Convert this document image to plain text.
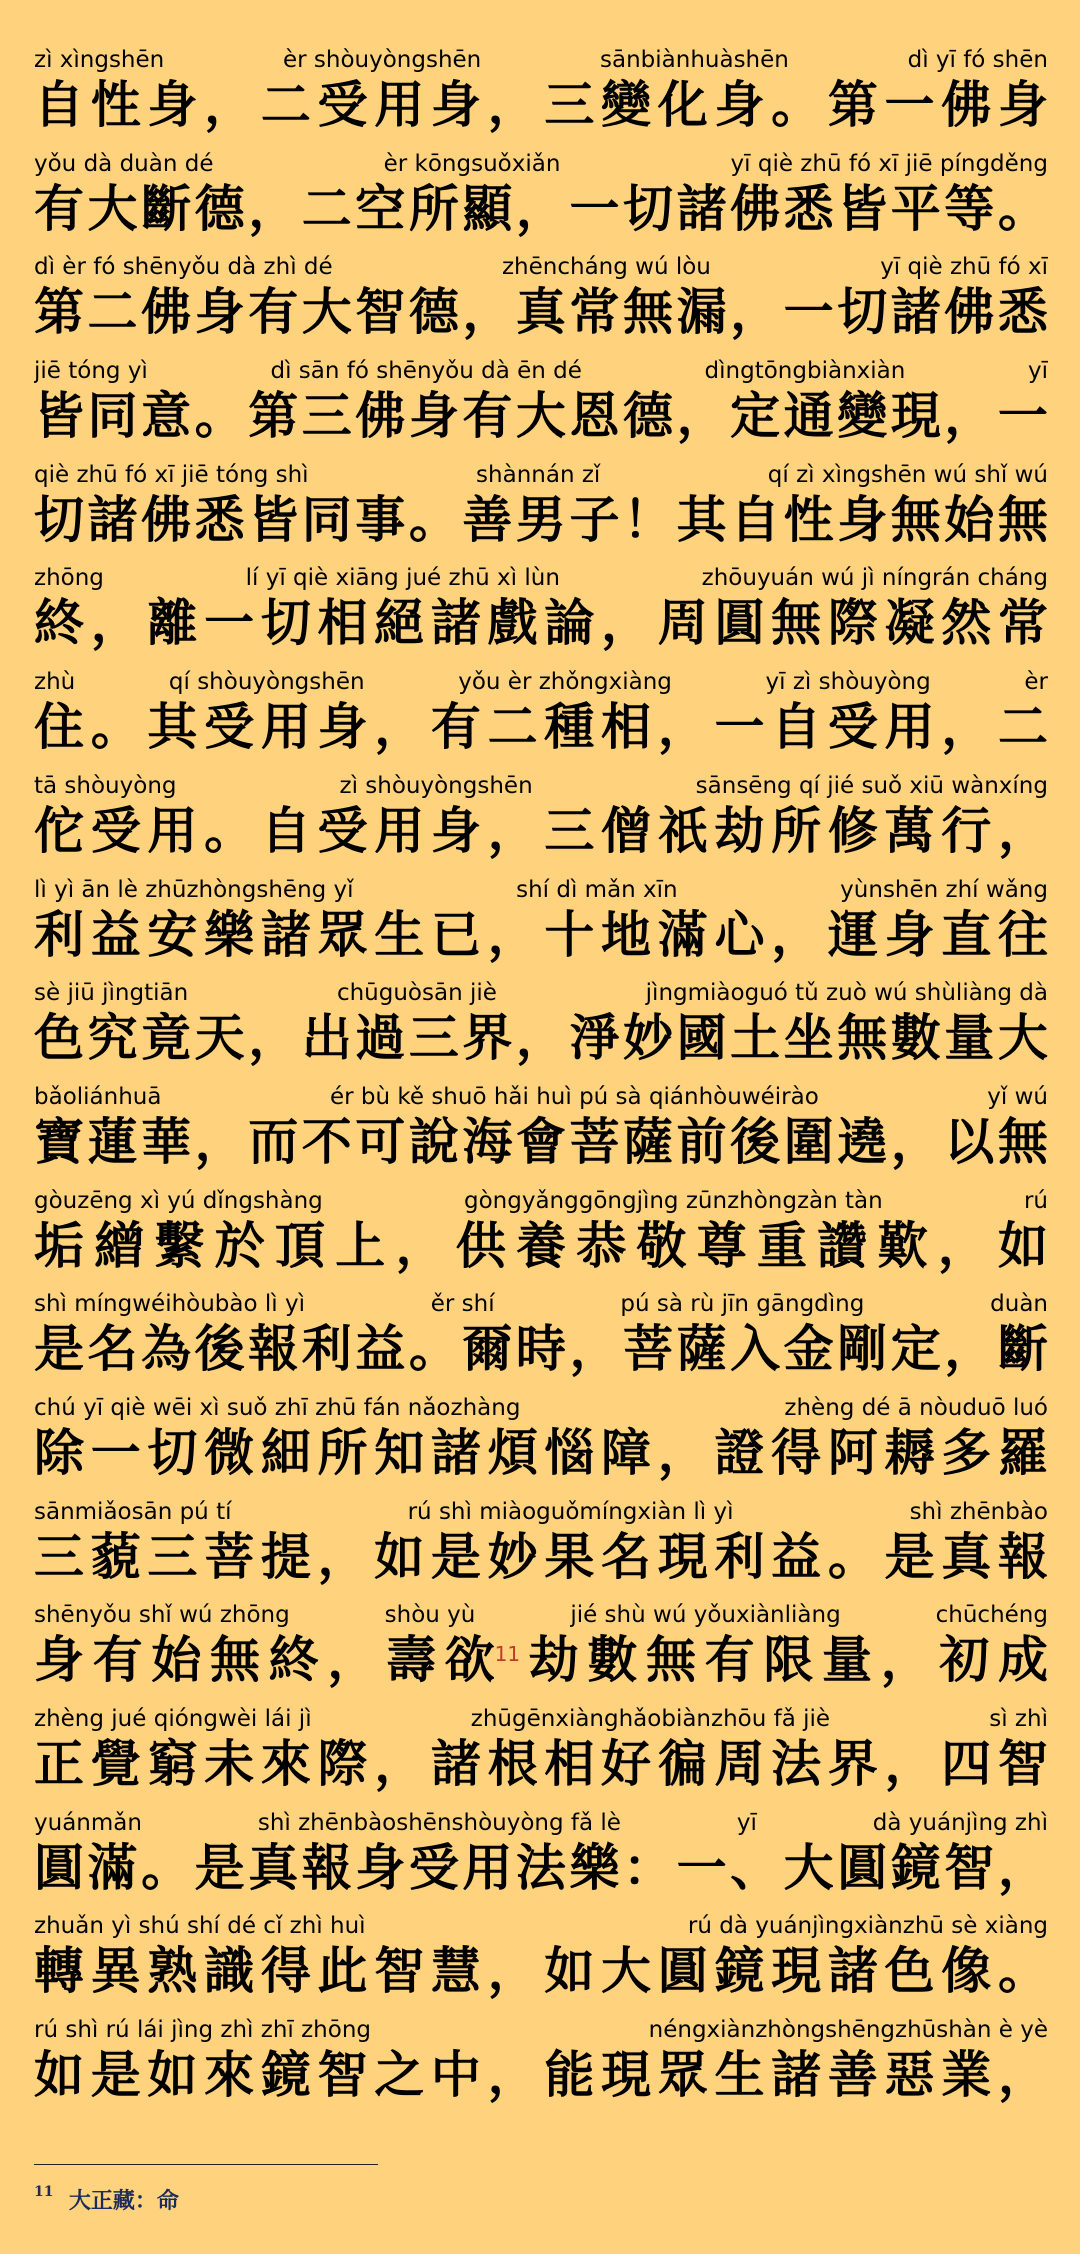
zì xìngshēn	èr shòuyòngshēn	sānbiànhuàshēn	dì yī fó shēn
自 性 身 ， 二 受 用 身 ， 三 變 化 身 。 第 一 佛 身
yǒu dà duàn dé	èr kōngsuǒxiǎn	yī qiè zhū fó xī jiē píngděng
有 大 斷 德 ， 二 空 所 顯 ， 一 切 諸 佛 悉 皆 平 等 。
dì èr fó shēnyǒu dà zhì dé	zhēncháng wú lòu	yī qiè zhū fó xī
第 二 佛 身 有 大 智 德 ， 真 常 無 漏 ， 一 切 諸 佛 悉
jiē tóng yì	dì sān fó shēnyǒu dà ēn dé	dìngtōngbiànxiàn	yī
皆 同 意 。 第 三 佛 身 有 大 恩 德 ， 定 通 變 現 ， 一
qiè zhū fó xī jiē tóng shì	shànnán zǐ	qí zì xìngshēn wú shǐ wú
切 諸 佛 悉 皆 同 事 。 善 男 子 ！ 其 自 性 身 無 始 無
zhōng	lí yī qiè xiāng jué zhū xì lùn	zhōuyuán wú jì níngrán cháng
終 ， 離 一 切 相 絕 諸 戲 論 ， 周 圓 無 際 凝 然 常
zhù	qí shòuyòngshēn	yǒu èr zhǒngxiàng	yī zì shòuyòng	èr
住 。 其 受 用 身 ， 有 二 種 相 ， 一 自 受 用 ， 二
tā shòuyòng	zì shòuyòngshēn	sānsēng qí jié suǒ xiū wànxíng
佗 受 用 。 自 受 用 身 ， 三 僧 祇 劫 所 修 萬 行 ，
lì yì ān lè zhūzhòngshēng yǐ	shí dì mǎn xīn	yùnshēn zhí wǎng
利 益 安 樂 諸 眾 生 已 ， 十 地 滿 心 ， 運 身 直 往
sè jiū jìngtiān	chūguòsān jiè	jìngmiàoguó tǔ zuò wú shùliàng dà
色 究 竟 天 ， 出 過 三 界 ， 淨 妙 國 土 坐 無 數 量 大
bǎoliánhuā	ér bù kě shuō hǎi huì pú sà qiánhòuwéirào	yǐ wú
寶 蓮 華 ， 而 不 可 說 海 會 菩 薩 前 後 圍 遶 ， 以 無
gòuzēng xì yú dǐngshàng	gòngyǎnggōngjìng zūnzhòngzàn tàn	rú
垢 繒 繫 於 頂 上 ， 供 養 恭 敬 尊 重 讚 歎 ， 如
shì míngwéihòubào lì yì	ěr shí	pú sà rù jīn gāngdìng	duàn
是 名 為 後 報 利 益 。 爾 時 ， 菩 薩 入 金 剛 定 ， 斷
chú yī qiè wēi xì suǒ zhī zhū fán nǎozhàng	zhèng dé ā nòuduō luó
除 一 切 微 細 所 知 諸 煩 惱 障 ， 證 得 阿 耨 多 羅
sānmiǎosān pú tí	rú shì miàoguǒmíngxiàn lì yì	shì zhēnbào
三 藐 三 菩 提 ， 如 是 妙 果 名 現 利 益 。 是 真 報
shēnyǒu shǐ wú zhōng	shòu yù	jié shù wú yǒuxiànliàng	chūchéng
身 有 始 無 終 ， 壽 欲11 劫 數 無 有 限 量 ， 初 成
zhèng jué qióngwèi lái jì	zhūgēnxiànghǎobiànzhōu fǎ jiè	sì zhì
正 覺 窮 未 來 際 ， 諸 根 相 好 徧 周 法 界 ， 四 智
yuánmǎn	shì zhēnbàoshēnshòuyòng fǎ lè	yī	dà yuánjìng zhì
圓 滿 。 是 真 報 身 受 用 法 樂 ： 一 、 大 圓 鏡 智 ，
zhuǎn yì shú shí dé cǐ zhì huì	rú dà yuánjìngxiànzhū sè xiàng
轉 異 熟 識 得 此 智 慧 ， 如 大 圓 鏡 現 諸 色 像 。
rú shì rú lái jìng zhì zhī zhōng	néngxiànzhòngshēngzhūshàn è yè
如 是 如 來 鏡 智 之 中 ， 能 現 眾 生 諸 善 惡 業 ，
$^{11}$ 大正藏：命
